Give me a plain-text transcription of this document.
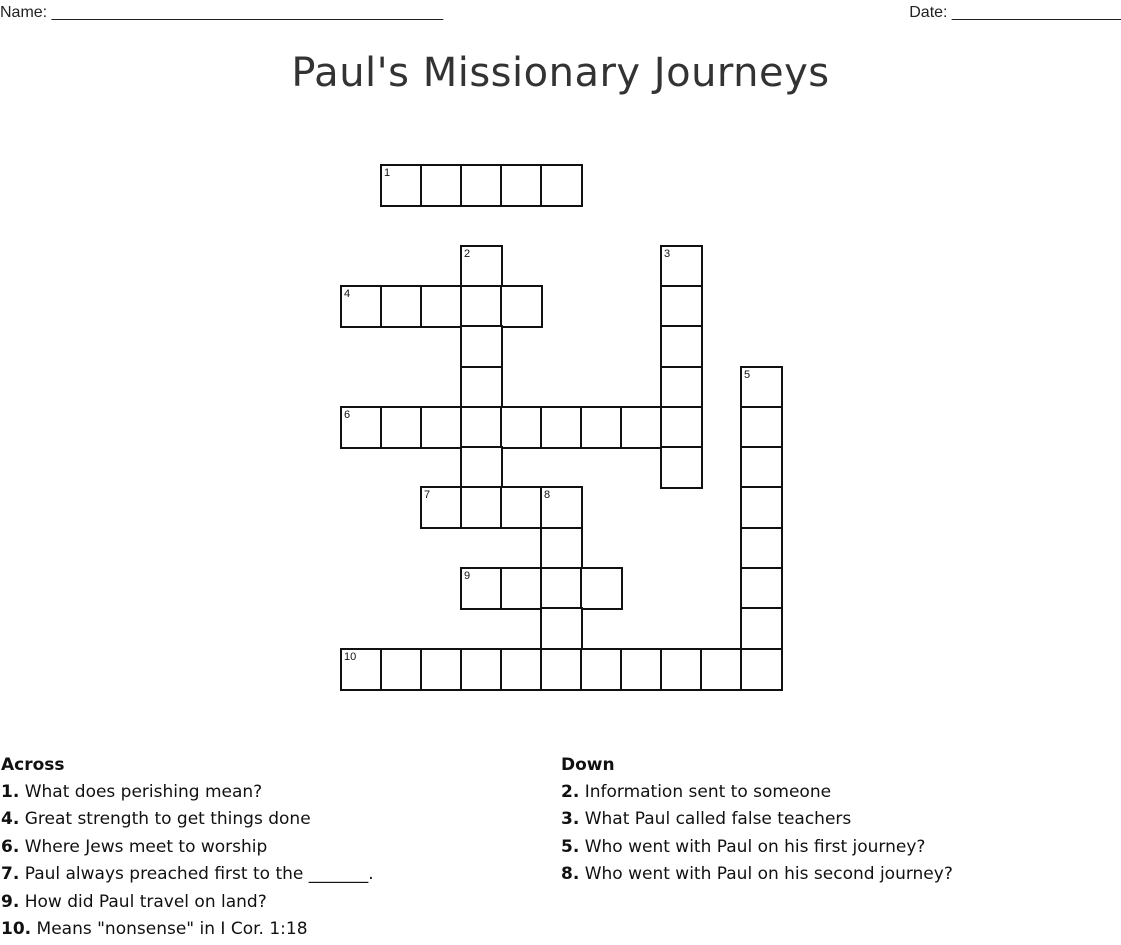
Name: ____________________________________________	Date: ___________________
Paul's Missionary Journeys
1
2	3
4
5
6
7	8
9
10
Across
1. What does perishing mean?
4. Great strength to get things done
6. Where Jews meet to worship
7. Paul always preached first to the _______.
9. How did Paul travel on land?
10. Means "nonsense" in I Cor. 1:18
Down
2. Information sent to someone
3. What Paul called false teachers
5. Who went with Paul on his first journey?
8. Who went with Paul on his second journey?
